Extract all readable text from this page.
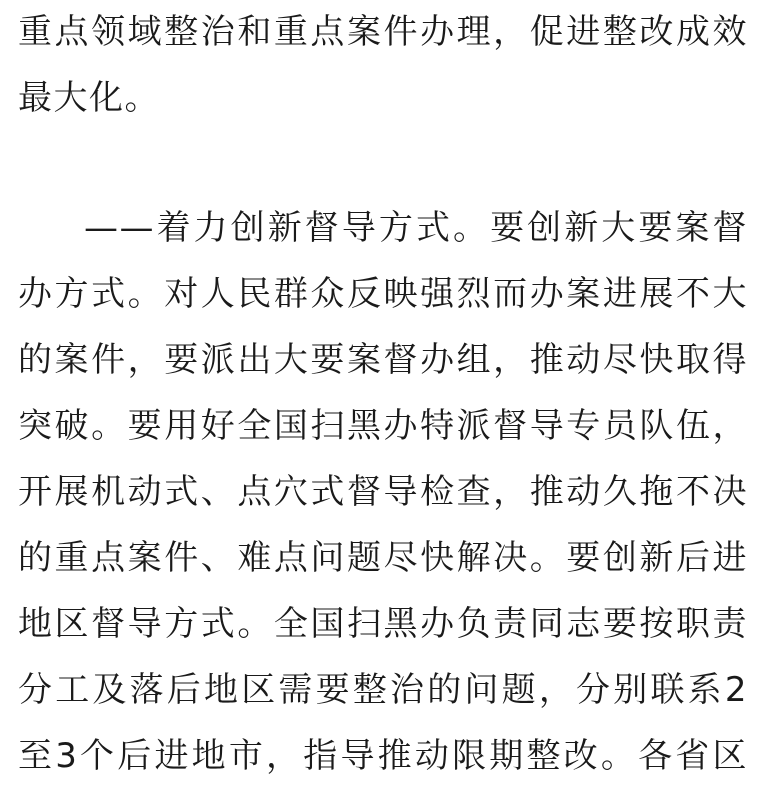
重点领域整治和重点案件办理，促进整改成效
最大化。
——着力创新督导方式。要创新大要案督
办方式。对人民群众反映强烈而办案进展不大
的案件，要派出大要案督办组，推动尽快取得
突破。要用好全国扫黑办特派督导专员队伍，
开展机动式、点穴式督导检查，推动久拖不决
的重点案件、难点问题尽快解决。要创新后进
地区督导方式。全国扫黑办负责同志要按职责
分工及落后地区需要整治的问题，分别联系2
至3个后进地市，指导推动限期整改。各省区
